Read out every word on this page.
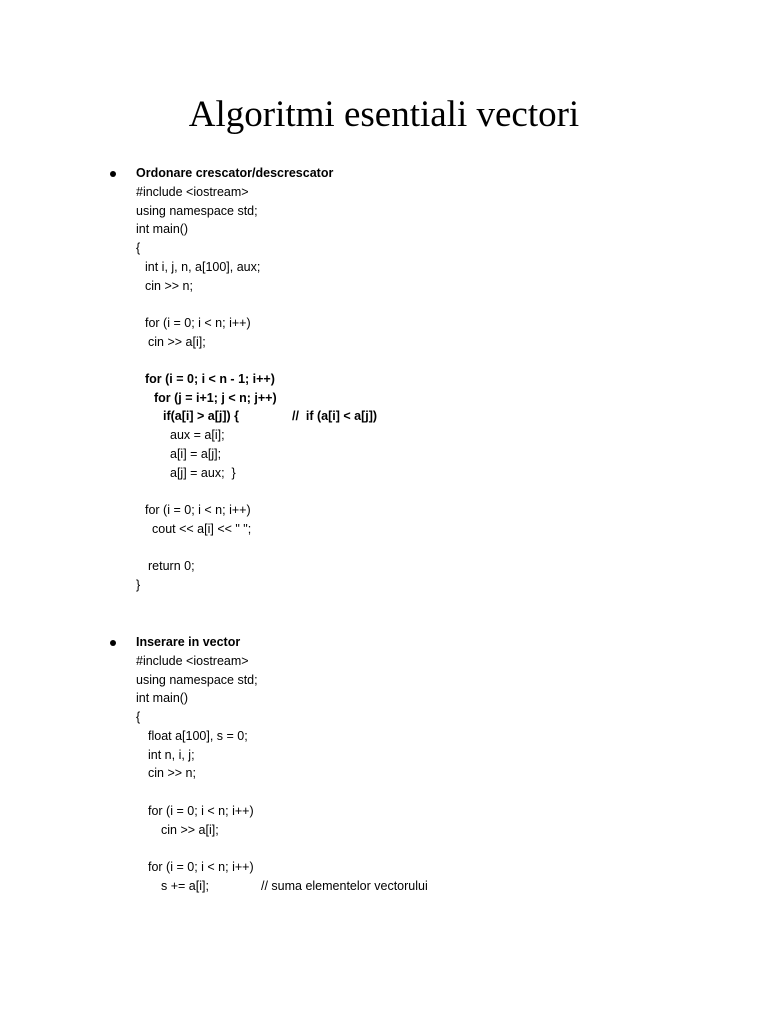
Algoritmi esentiali vectori
Ordonare crescator/descrescator
#include <iostream>
using namespace std;
int main()
{
int i, j, n, a[100], aux;
cin >> n;
for (i = 0; i < n; i++)
cin >> a[i];
for (i = 0; i < n - 1; i++)
for (j = i+1; j < n; j++)
if(a[i] > a[j]) {	//  if (a[i] < a[j])
aux = a[i];
a[i] = a[j];
a[j] = aux;  }
for (i = 0; i < n; i++)
cout << a[i] << " ";
return 0;
}
Inserare in vector
#include <iostream>
using namespace std;
int main()
{
float a[100], s = 0;
int n, i, j;
cin >> n;
for (i = 0; i < n; i++)
cin >> a[i];
for (i = 0; i < n; i++)
s += a[i];	// suma elementelor vectorului
